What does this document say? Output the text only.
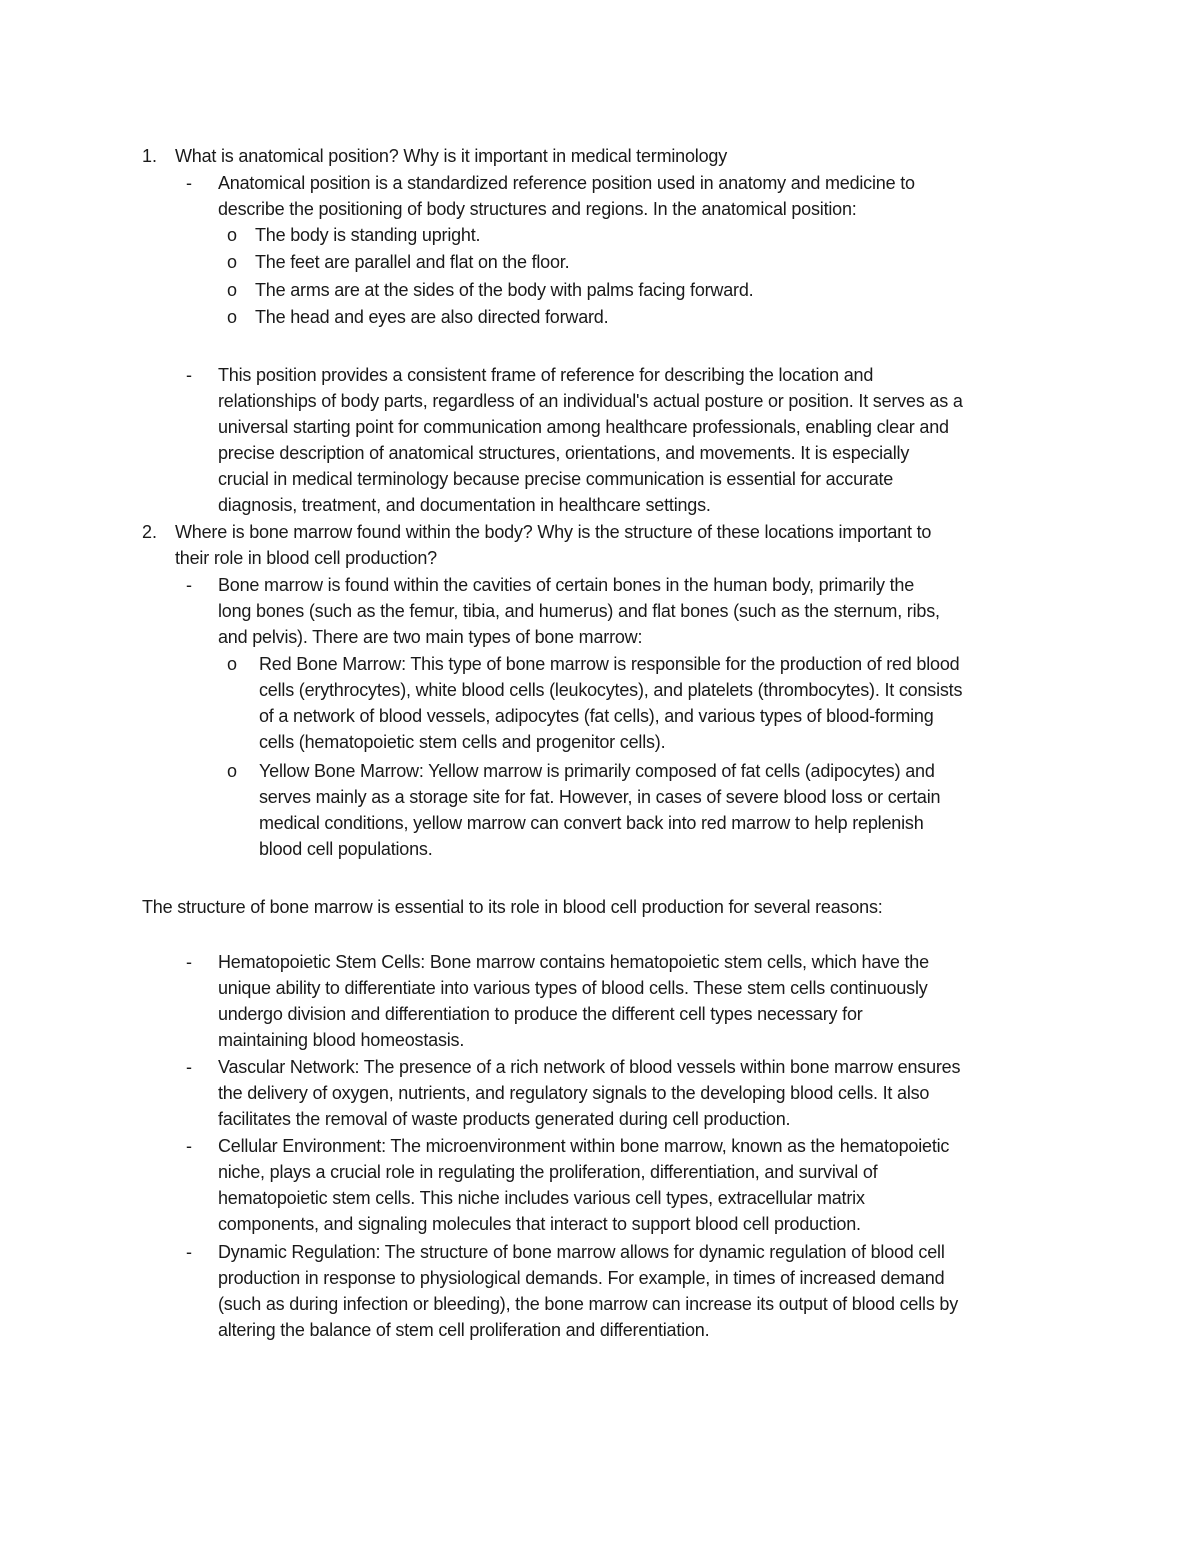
1. What is anatomical position? Why is it important in medical terminology
- Anatomical position is a standardized reference position used in anatomy and medicine to
describe the positioning of body structures and regions. In the anatomical position:
o The body is standing upright.
o The feet are parallel and flat on the floor.
o The arms are at the sides of the body with palms facing forward.
o The head and eyes are also directed forward.
- This position provides a consistent frame of reference for describing the location and
relationships of body parts, regardless of an individual's actual posture or position. It serves as a
universal starting point for communication among healthcare professionals, enabling clear and
precise description of anatomical structures, orientations, and movements. It is especially
crucial in medical terminology because precise communication is essential for accurate
diagnosis, treatment, and documentation in healthcare settings.
2. Where is bone marrow found within the body? Why is the structure of these locations important to
their role in blood cell production?
- Bone marrow is found within the cavities of certain bones in the human body, primarily the
long bones (such as the femur, tibia, and humerus) and flat bones (such as the sternum, ribs,
and pelvis). There are two main types of bone marrow:
o Red Bone Marrow: This type of bone marrow is responsible for the production of red blood
cells (erythrocytes), white blood cells (leukocytes), and platelets (thrombocytes). It consists
of a network of blood vessels, adipocytes (fat cells), and various types of blood-forming
cells (hematopoietic stem cells and progenitor cells).
o Yellow Bone Marrow: Yellow marrow is primarily composed of fat cells (adipocytes) and
serves mainly as a storage site for fat. However, in cases of severe blood loss or certain
medical conditions, yellow marrow can convert back into red marrow to help replenish
blood cell populations.
The structure of bone marrow is essential to its role in blood cell production for several reasons:
- Hematopoietic Stem Cells: Bone marrow contains hematopoietic stem cells, which have the
unique ability to differentiate into various types of blood cells. These stem cells continuously
undergo division and differentiation to produce the different cell types necessary for
maintaining blood homeostasis.
- Vascular Network: The presence of a rich network of blood vessels within bone marrow ensures
the delivery of oxygen, nutrients, and regulatory signals to the developing blood cells. It also
facilitates the removal of waste products generated during cell production.
- Cellular Environment: The microenvironment within bone marrow, known as the hematopoietic
niche, plays a crucial role in regulating the proliferation, differentiation, and survival of
hematopoietic stem cells. This niche includes various cell types, extracellular matrix
components, and signaling molecules that interact to support blood cell production.
- Dynamic Regulation: The structure of bone marrow allows for dynamic regulation of blood cell
production in response to physiological demands. For example, in times of increased demand
(such as during infection or bleeding), the bone marrow can increase its output of blood cells by
altering the balance of stem cell proliferation and differentiation.
